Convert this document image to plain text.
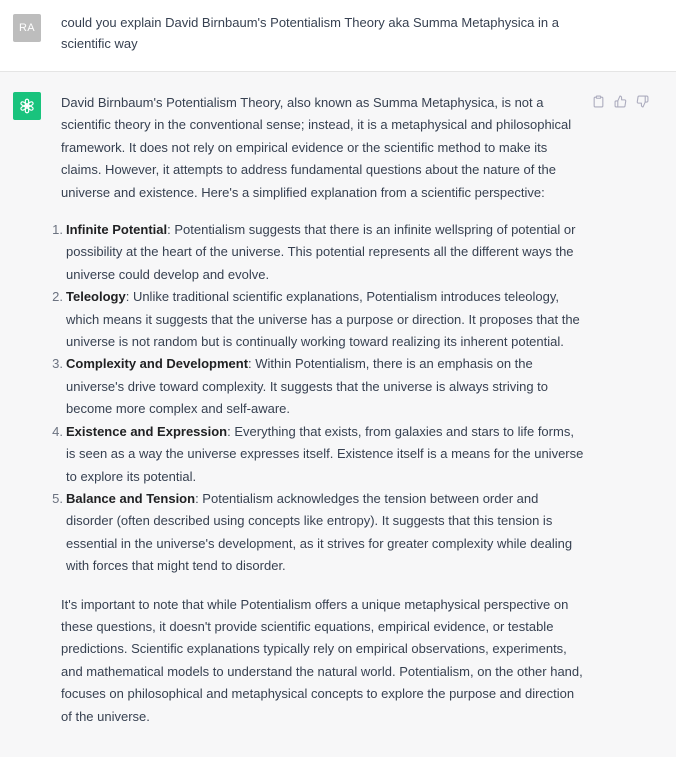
RA	could you explain David Birnbaum's Potentialism Theory aka Summa Metaphysica in a scientific way

David Birnbaum's Potentialism Theory, also known as Summa Metaphysica, is not a scientific theory in the conventional sense; instead, it is a metaphysical and philosophical framework. It does not rely on empirical evidence or the scientific method to make its claims. However, it attempts to address fundamental questions about the nature of the universe and existence. Here's a simplified explanation from a scientific perspective:

1. Infinite Potential: Potentialism suggests that there is an infinite wellspring of potential or possibility at the heart of the universe. This potential represents all the different ways the universe could develop and evolve.
2. Teleology: Unlike traditional scientific explanations, Potentialism introduces teleology, which means it suggests that the universe has a purpose or direction. It proposes that the universe is not random but is continually working toward realizing its inherent potential.
3. Complexity and Development: Within Potentialism, there is an emphasis on the universe's drive toward complexity. It suggests that the universe is always striving to become more complex and self-aware.
4. Existence and Expression: Everything that exists, from galaxies and stars to life forms, is seen as a way the universe expresses itself. Existence itself is a means for the universe to explore its potential.
5. Balance and Tension: Potentialism acknowledges the tension between order and disorder (often described using concepts like entropy). It suggests that this tension is essential in the universe's development, as it strives for greater complexity while dealing with forces that might tend to disorder.

It's important to note that while Potentialism offers a unique metaphysical perspective on these questions, it doesn't provide scientific equations, empirical evidence, or testable predictions. Scientific explanations typically rely on empirical observations, experiments, and mathematical models to understand the natural world. Potentialism, on the other hand, focuses on philosophical and metaphysical concepts to explore the purpose and direction of the universe.
